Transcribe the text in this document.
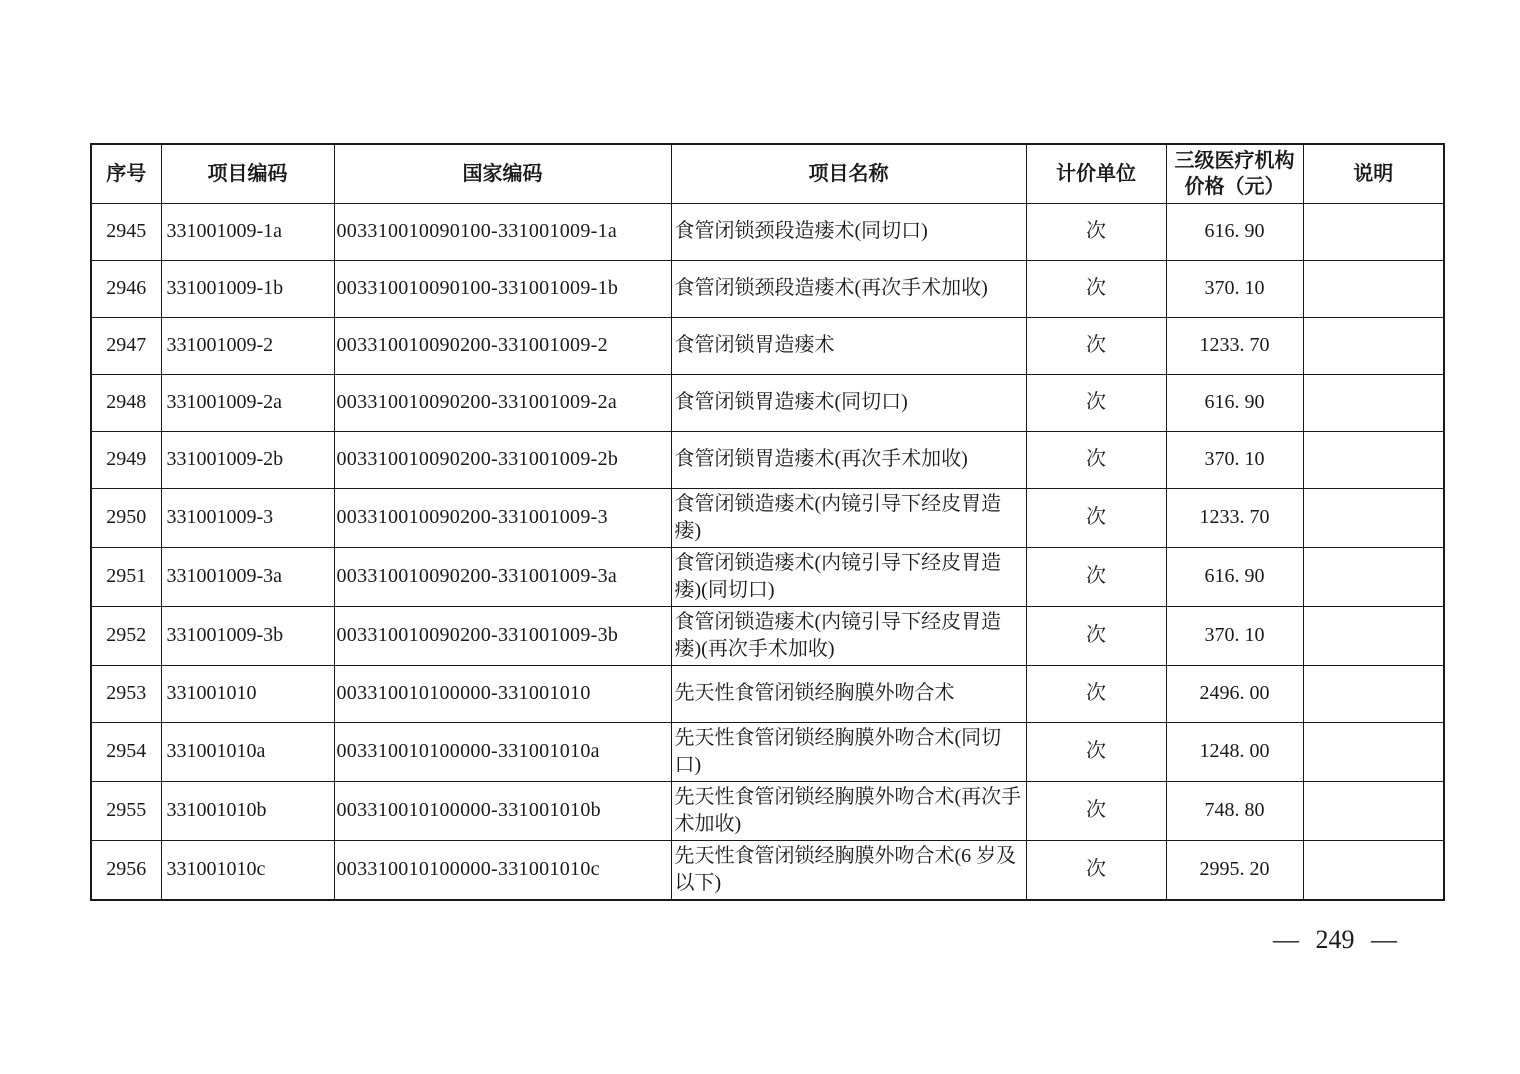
序号	项目编码	国家编码	项目名称	计价单位	三级医疗机构价格（元）	说明
2945	331001009-1a	003310010090100-331001009-1a	食管闭锁颈段造瘘术(同切口)	次	616. 90	
2946	331001009-1b	003310010090100-331001009-1b	食管闭锁颈段造瘘术(再次手术加收)	次	370. 10	
2947	331001009-2	003310010090200-331001009-2	食管闭锁胃造瘘术	次	1233. 70	
2948	331001009-2a	003310010090200-331001009-2a	食管闭锁胃造瘘术(同切口)	次	616. 90	
2949	331001009-2b	003310010090200-331001009-2b	食管闭锁胃造瘘术(再次手术加收)	次	370. 10	
2950	331001009-3	003310010090200-331001009-3	食管闭锁造瘘术(内镜引导下经皮胃造瘘)	次	1233. 70	
2951	331001009-3a	003310010090200-331001009-3a	食管闭锁造瘘术(内镜引导下经皮胃造瘘)(同切口)	次	616. 90	
2952	331001009-3b	003310010090200-331001009-3b	食管闭锁造瘘术(内镜引导下经皮胃造瘘)(再次手术加收)	次	370. 10	
2953	331001010	003310010100000-331001010	先天性食管闭锁经胸膜外吻合术	次	2496. 00	
2954	331001010a	003310010100000-331001010a	先天性食管闭锁经胸膜外吻合术(同切口)	次	1248. 00	
2955	331001010b	003310010100000-331001010b	先天性食管闭锁经胸膜外吻合术(再次手术加收)	次	748. 80	
2956	331001010c	003310010100000-331001010c	先天性食管闭锁经胸膜外吻合术(6 岁及以下)	次	2995. 20	
— 249 —
